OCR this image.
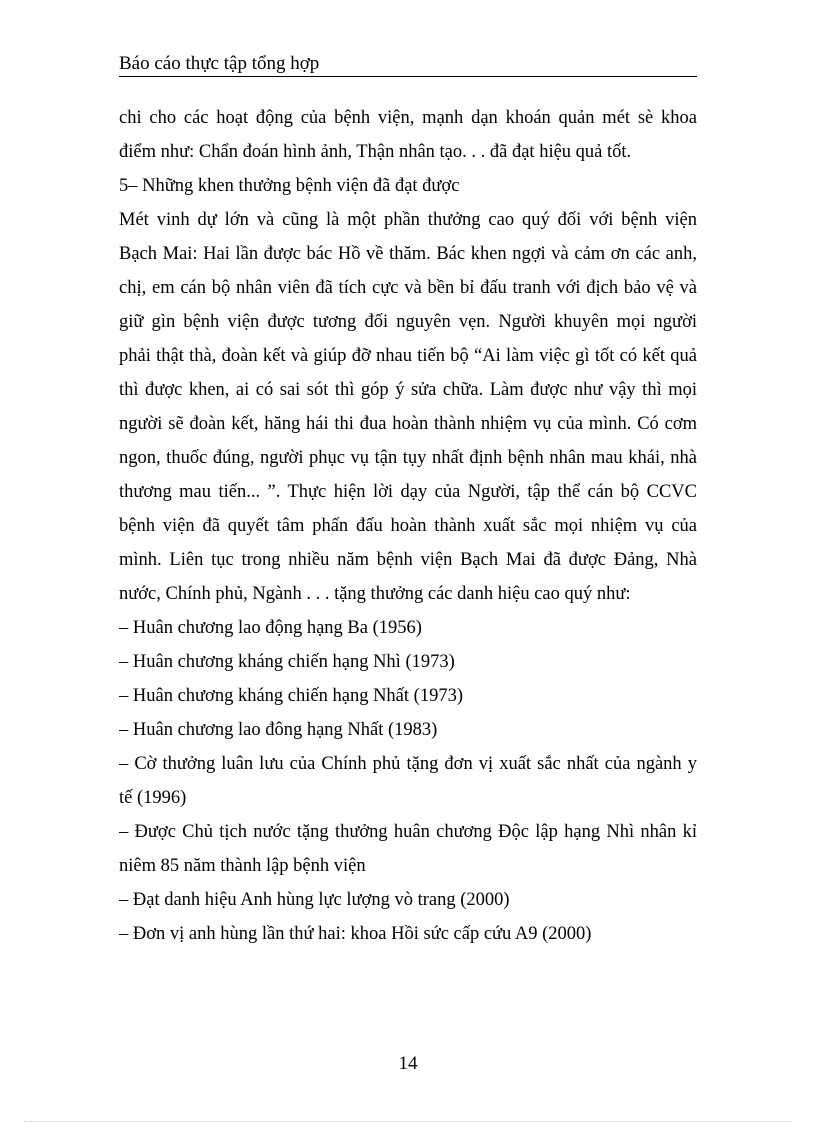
Báo cáo thực tập tổng hợp
chi cho các hoạt động của bệnh viện, mạnh dạn khoán quản mét sè khoa
điểm như: Chẩn đoán hình ảnh, Thận nhân tạo. . . đã đạt hiệu quả tốt.
5– Những khen thưởng bệnh viện đã đạt được
Mét vinh dự lớn và cũng là một phần thưởng cao quý đối với bệnh viện
Bạch Mai: Hai lần được bác Hồ về thăm. Bác khen ngợi và cảm ơn các anh,
chị, em cán bộ nhân viên đã tích cực và bền bỉ đấu tranh với địch bảo vệ và
giữ gìn bệnh viện được tương đối nguyên vẹn. Người khuyên mọi người
phải thật thà, đoàn kết và giúp đỡ nhau tiến bộ “Ai làm việc gì tốt có kết quả
thì được khen, ai có sai sót thì góp ý sửa chữa. Làm được như vậy thì mọi
người sẽ đoàn kết, hăng hái thi đua hoàn thành nhiệm vụ của mình. Có cơm
ngon, thuốc đúng, người phục vụ tận tụy nhất định bệnh nhân mau khái, nhà
thương mau tiến... ”. Thực hiện lời dạy của Người, tập thể cán bộ CCVC
bệnh viện đã quyết tâm phấn đấu hoàn thành xuất sắc mọi nhiệm vụ của
mình. Liên tục trong nhiều năm bệnh viện Bạch Mai đã được Đảng, Nhà
nước, Chính phủ, Ngành . . . tặng thưởng các danh hiệu cao quý như:
– Huân chương lao động hạng Ba (1956)
– Huân chương kháng chiến hạng Nhì (1973)
– Huân chương kháng chiến hạng Nhất (1973)
– Huân chương lao đông hạng Nhất (1983)
– Cờ thưởng luân lưu của Chính phủ tặng đơn vị xuất sắc nhất của ngành y
tế (1996)
– Được Chủ tịch nước tặng thưởng huân chương Độc lập hạng Nhì nhân kỉ
niêm 85 năm thành lập bệnh viện
– Đạt danh hiệu Anh hùng lực lượng vò trang (2000)
– Đơn vị anh hùng lần thứ hai: khoa Hồi sức cấp cứu A9 (2000)
14
